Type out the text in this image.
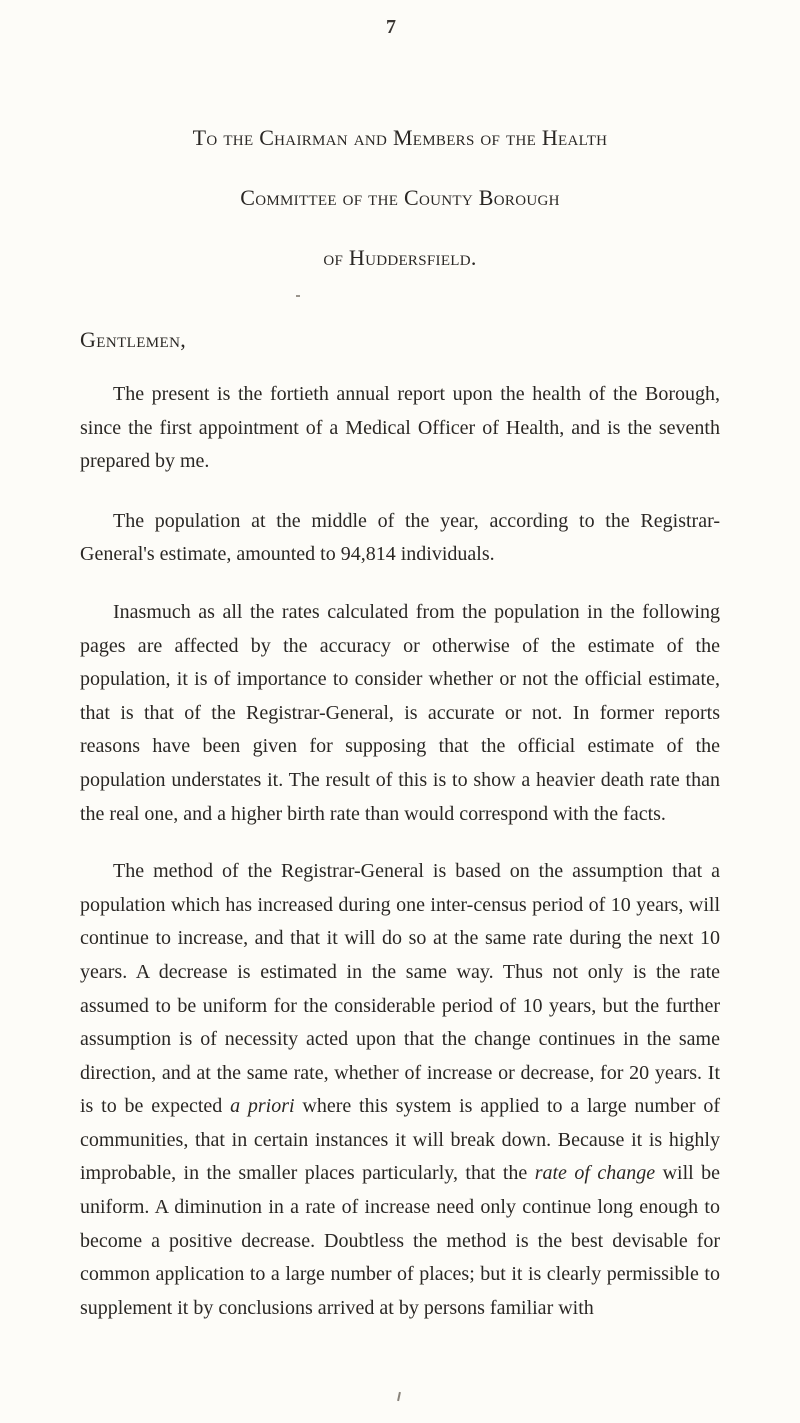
7
To the Chairman and Members of the Health
Committee of the County Borough
of Huddersfield.
Gentlemen,

The present is the fortieth annual report upon the health of the Borough, since the first appointment of a Medical Officer of Health, and is the seventh prepared by me.

The population at the middle of the year, according to the Registrar-General's estimate, amounted to 94,814 individuals.

Inasmuch as all the rates calculated from the population in the following pages are affected by the accuracy or otherwise of the estimate of the population, it is of importance to consider whether or not the official estimate, that is that of the Registrar-General, is accurate or not. In former reports reasons have been given for supposing that the official estimate of the population understates it. The result of this is to show a heavier death rate than the real one, and a higher birth rate than would correspond with the facts.

The method of the Registrar-General is based on the assumption that a population which has increased during one inter-census period of 10 years, will continue to increase, and that it will do so at the same rate during the next 10 years. A decrease is estimated in the same way. Thus not only is the rate assumed to be uniform for the considerable period of 10 years, but the further assumption is of necessity acted upon that the change continues in the same direction, and at the same rate, whether of increase or decrease, for 20 years. It is to be expected a priori where this system is applied to a large number of communities, that in certain instances it will break down. Because it is highly improbable, in the smaller places particularly, that the rate of change will be uniform. A diminution in a rate of increase need only continue long enough to become a positive decrease. Doubtless the method is the best devisable for common application to a large number of places; but it is clearly permissible to supplement it by conclusions arrived at by persons familiar with
